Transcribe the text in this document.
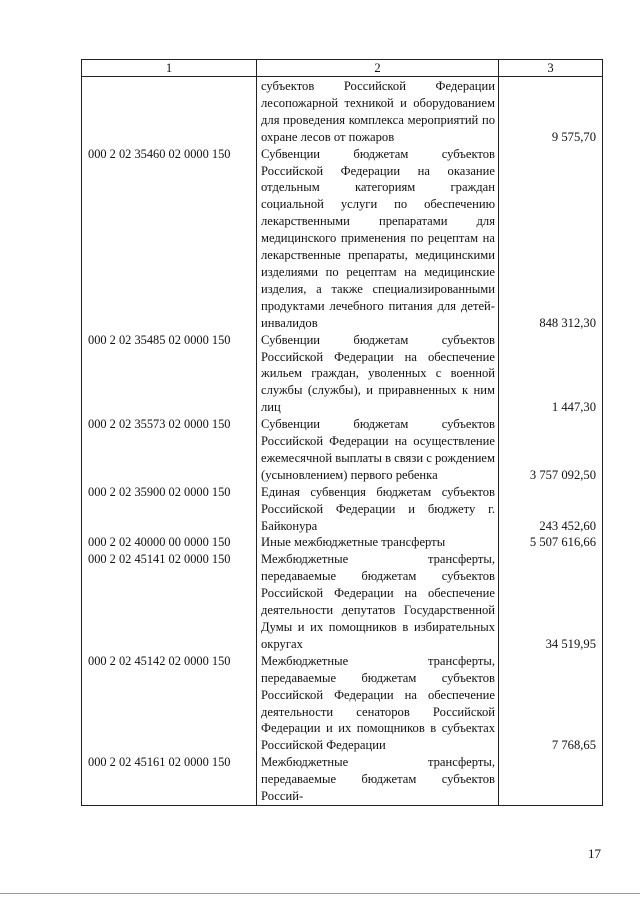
1	2	3
	субъектов Российской Федерации лесопожарной техникой и оборудованием для проведения комплекса мероприятий по охране лесов от пожаров	9 575,70
000 2 02 35460 02 0000 150	Субвенции бюджетам субъектов Российской Федерации на оказание отдельным категориям граждан социальной услуги по обеспечению лекарственными препаратами для медицинского применения по рецептам на лекарственные препараты, медицинскими изделиями по рецептам на медицинские изделия, а также специализированными продуктами лечебного питания для детей-инвалидов	848 312,30
000 2 02 35485 02 0000 150	Субвенции бюджетам субъектов Российской Федерации на обеспечение жильем граждан, уволенных с военной службы (службы), и приравненных к ним лиц	1 447,30
000 2 02 35573 02 0000 150	Субвенции бюджетам субъектов Российской Федерации на осуществление ежемесячной выплаты в связи с рождением (усыновлением) первого ребенка	3 757 092,50
000 2 02 35900 02 0000 150	Единая субвенция бюджетам субъектов Российской Федерации и бюджету г. Байконура	243 452,60
000 2 02 40000 00 0000 150	Иные межбюджетные трансферты	5 507 616,66
000 2 02 45141 02 0000 150	Межбюджетные трансферты, передаваемые бюджетам субъектов Российской Федерации на обеспечение деятельности депутатов Государственной Думы и их помощников в избирательных округах	34 519,95
000 2 02 45142 02 0000 150	Межбюджетные трансферты, передаваемые бюджетам субъектов Российской Федерации на обеспечение деятельности сенаторов Российской Федерации и их помощников в субъектах Российской Федерации	7 768,65
000 2 02 45161 02 0000 150	Межбюджетные трансферты, передаваемые бюджетам субъектов Россий-	
17
